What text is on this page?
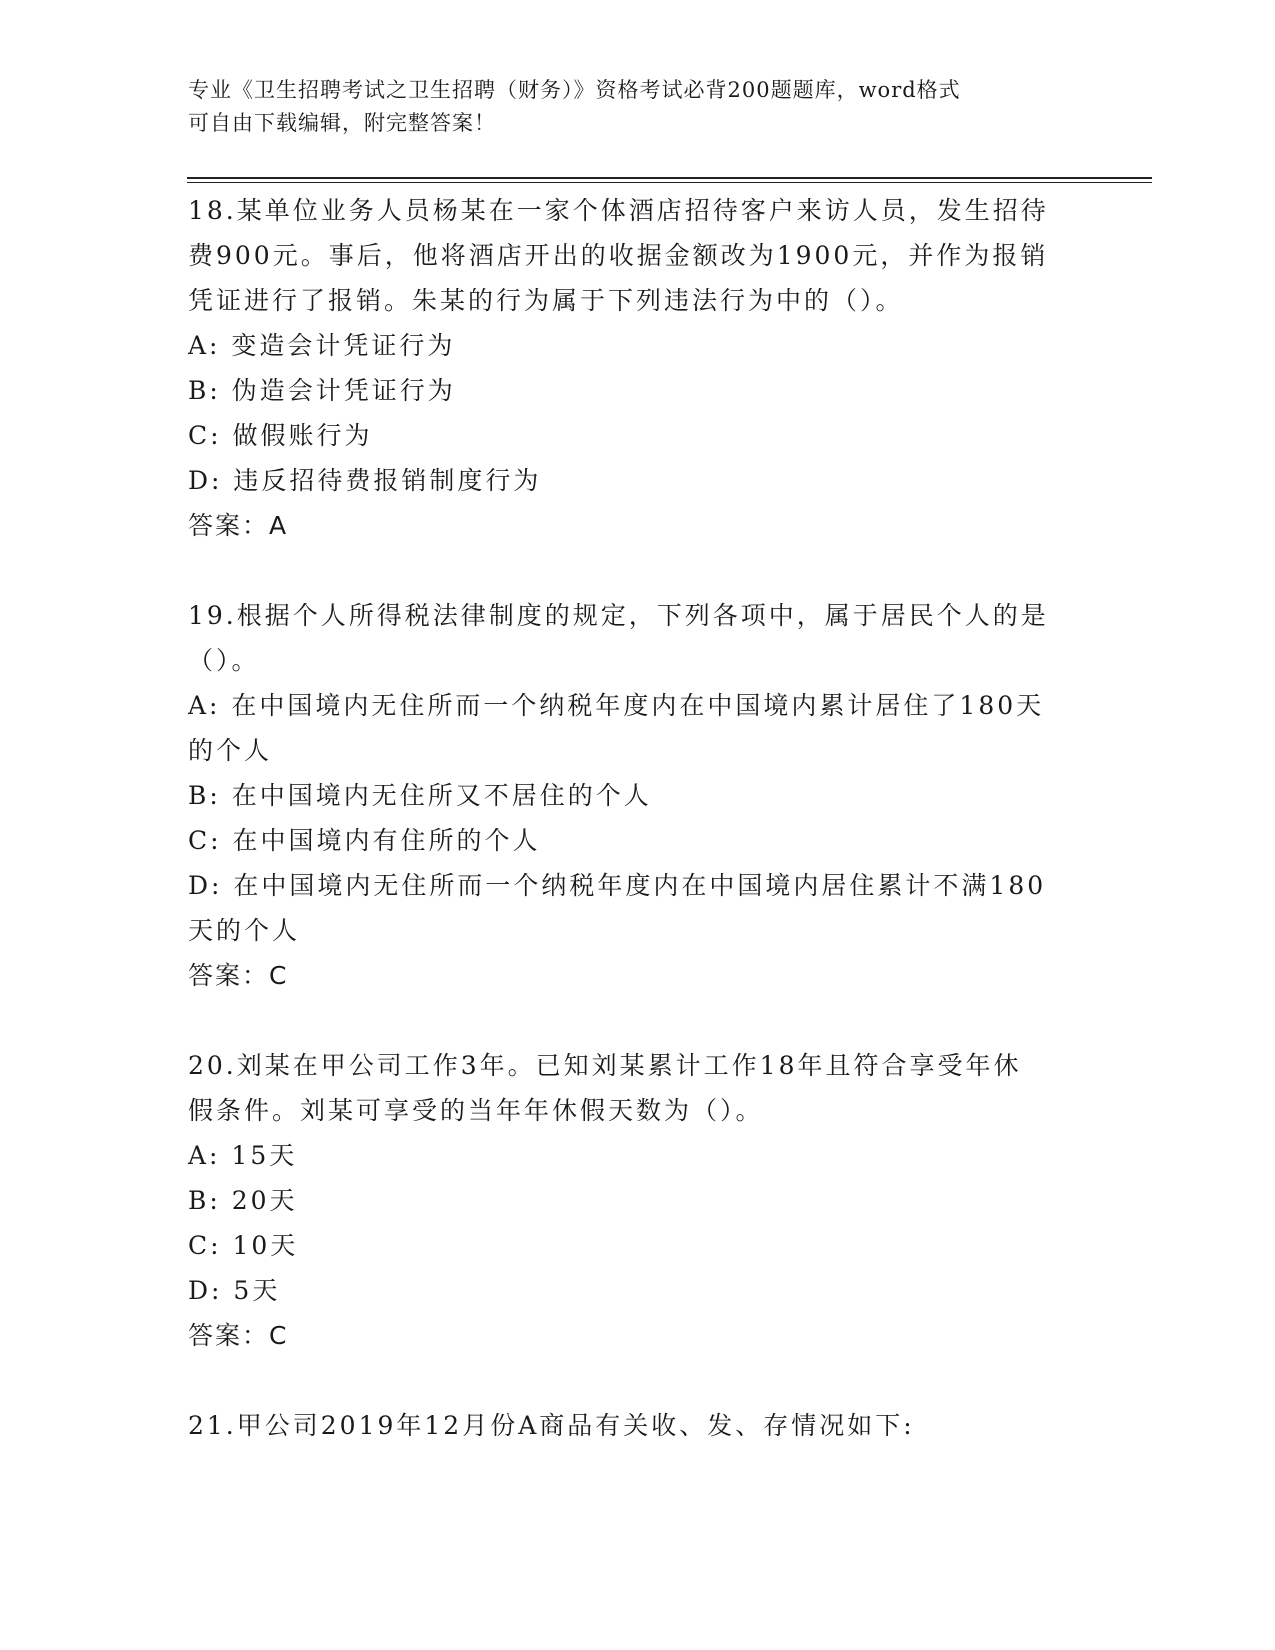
专业《卫生招聘考试之卫生招聘（财务）》资格考试必背200题题库，word格式
可自由下载编辑，附完整答案！
18.某单位业务人员杨某在一家个体酒店招待客户来访人员，发生招待
费900元。事后，他将酒店开出的收据金额改为1900元，并作为报销
凭证进行了报销。朱某的行为属于下列违法行为中的（）。
A: 变造会计凭证行为
B: 伪造会计凭证行为
C: 做假账行为
D: 违反招待费报销制度行为
答案：A
19.根据个人所得税法律制度的规定，下列各项中，属于居民个人的是
（）。
A: 在中国境内无住所而一个纳税年度内在中国境内累计居住了180天
的个人
B: 在中国境内无住所又不居住的个人
C: 在中国境内有住所的个人
D: 在中国境内无住所而一个纳税年度内在中国境内居住累计不满180
天的个人
答案：C
20.刘某在甲公司工作3年。已知刘某累计工作18年且符合享受年休
假条件。刘某可享受的当年年休假天数为（）。
A: 15天
B: 20天
C: 10天
D: 5天
答案：C
21.甲公司2019年12月份A商品有关收、发、存情况如下:
